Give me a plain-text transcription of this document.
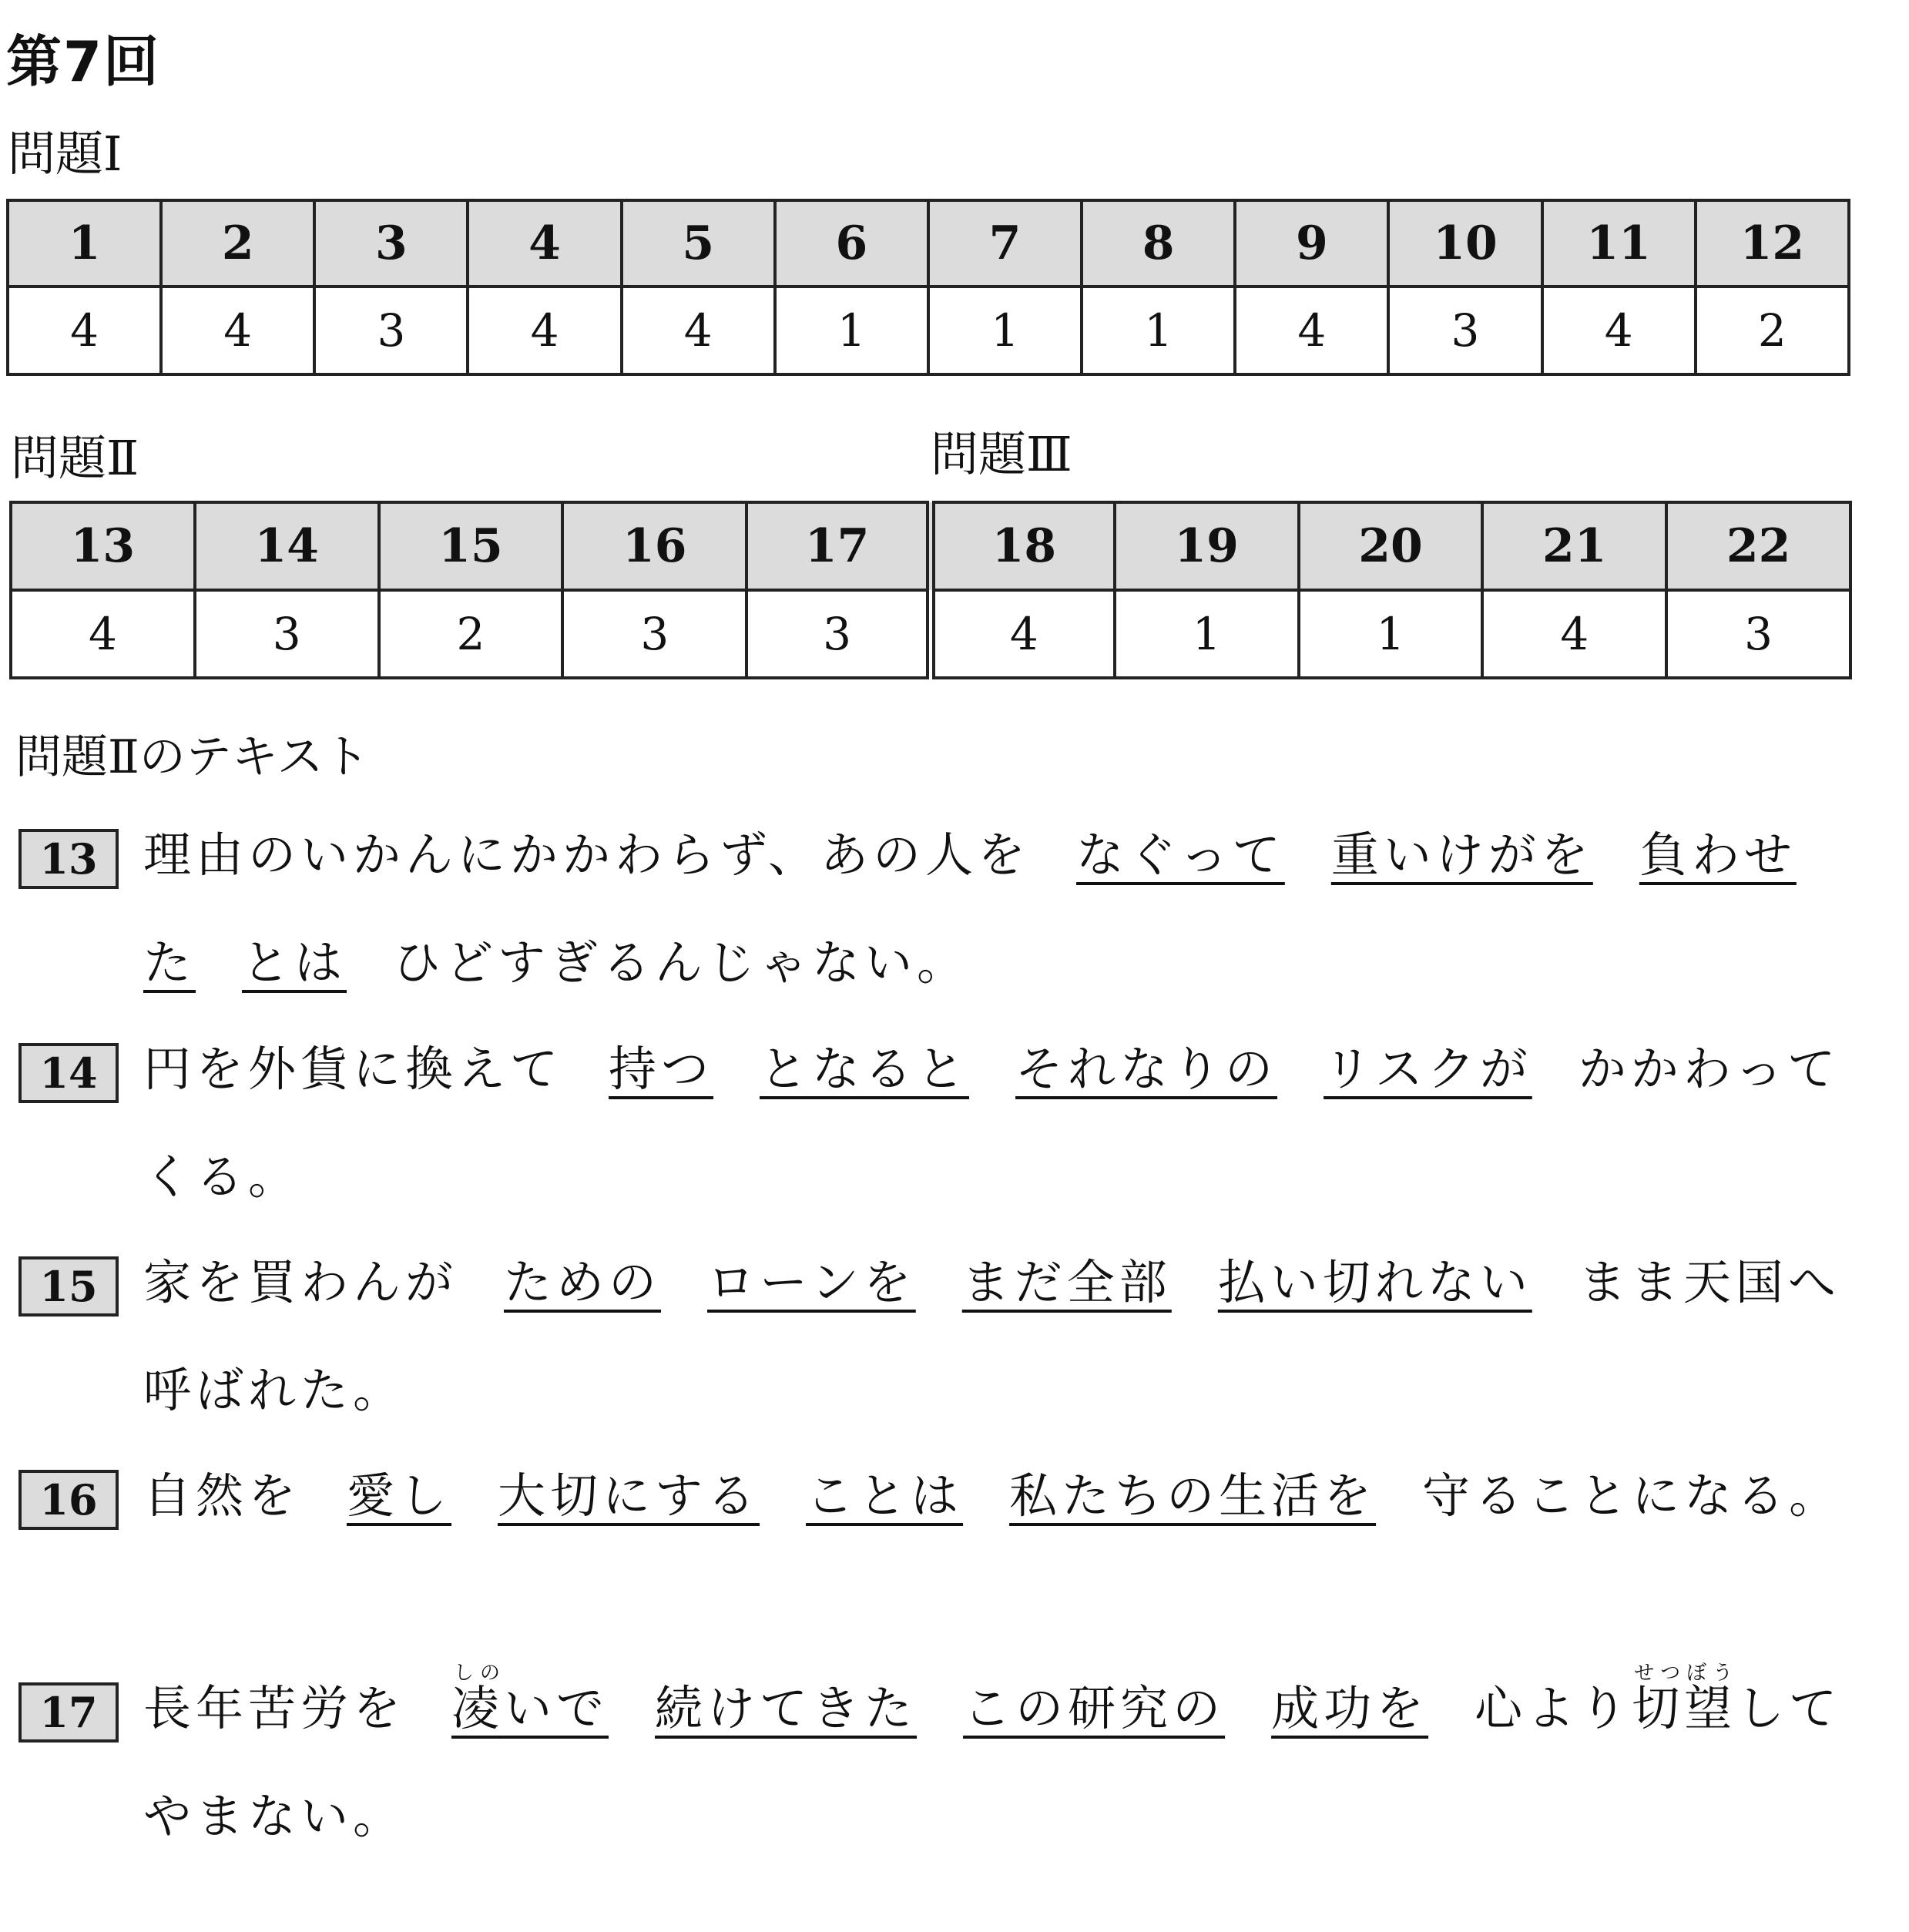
第7回
問題Ⅰ
1	2	3	4	5	6	7	8	9	10	11	12
4	4	3	4	4	1	1	1	4	3	4	2
問題Ⅱ	問題Ⅲ
13	14	15	16	17	18	19	20	21	22
4	3	2	3	3	4	1	1	4	3
問題Ⅱのテキスト
13 理由のいかんにかかわらず、あの人を なぐって 重いけがを 負わせた とは ひどすぎるんじゃない。
14 円を外貨に換えて 持つ となると それなりの リスクが かかわってくる。
15 家を買わんが ための ローンを まだ全部 払い切れない まま天国へ呼ばれた。
16 自然を 愛し 大切にする ことは 私たちの生活を 守ることになる。
17 長年苦労を 凌しのいで 続けてきた この研究の 成功を 心より切望せつぼうしてやまない。
